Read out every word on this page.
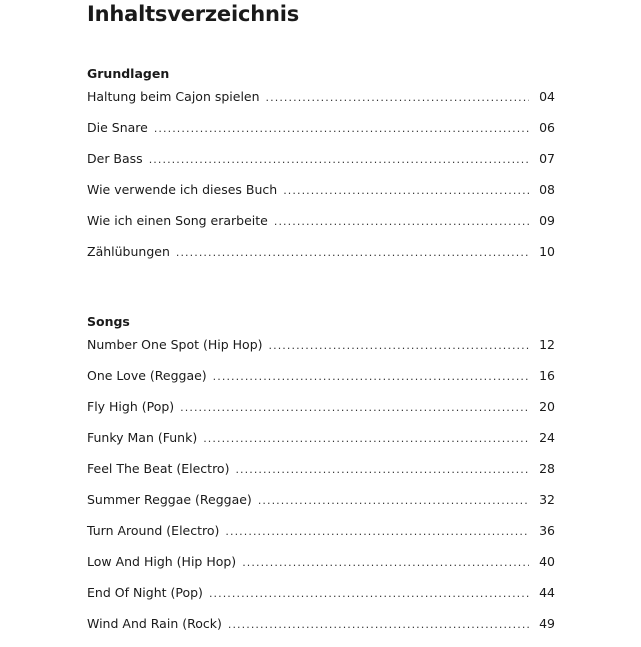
Inhaltsverzeichnis
Grundlagen
Haltung beim Cajon spielen . . .	04
Die Snare . . .	06
Der Bass . . .	07
Wie verwende ich dieses Buch . . .	08
Wie ich einen Song erarbeite . . .	09
Zählübungen . . .	10
Songs
Number One Spot (Hip Hop) . . .	12
One Love (Reggae) . . .	16
Fly High (Pop) . . .	20
Funky Man (Funk) . . .	24
Feel The Beat (Electro) . . .	28
Summer Reggae (Reggae) . . .	32
Turn Around (Electro) . . .	36
Low And High (Hip Hop) . . .	40
End Of Night (Pop) . . .	44
Wind And Rain (Rock) . . .	49
